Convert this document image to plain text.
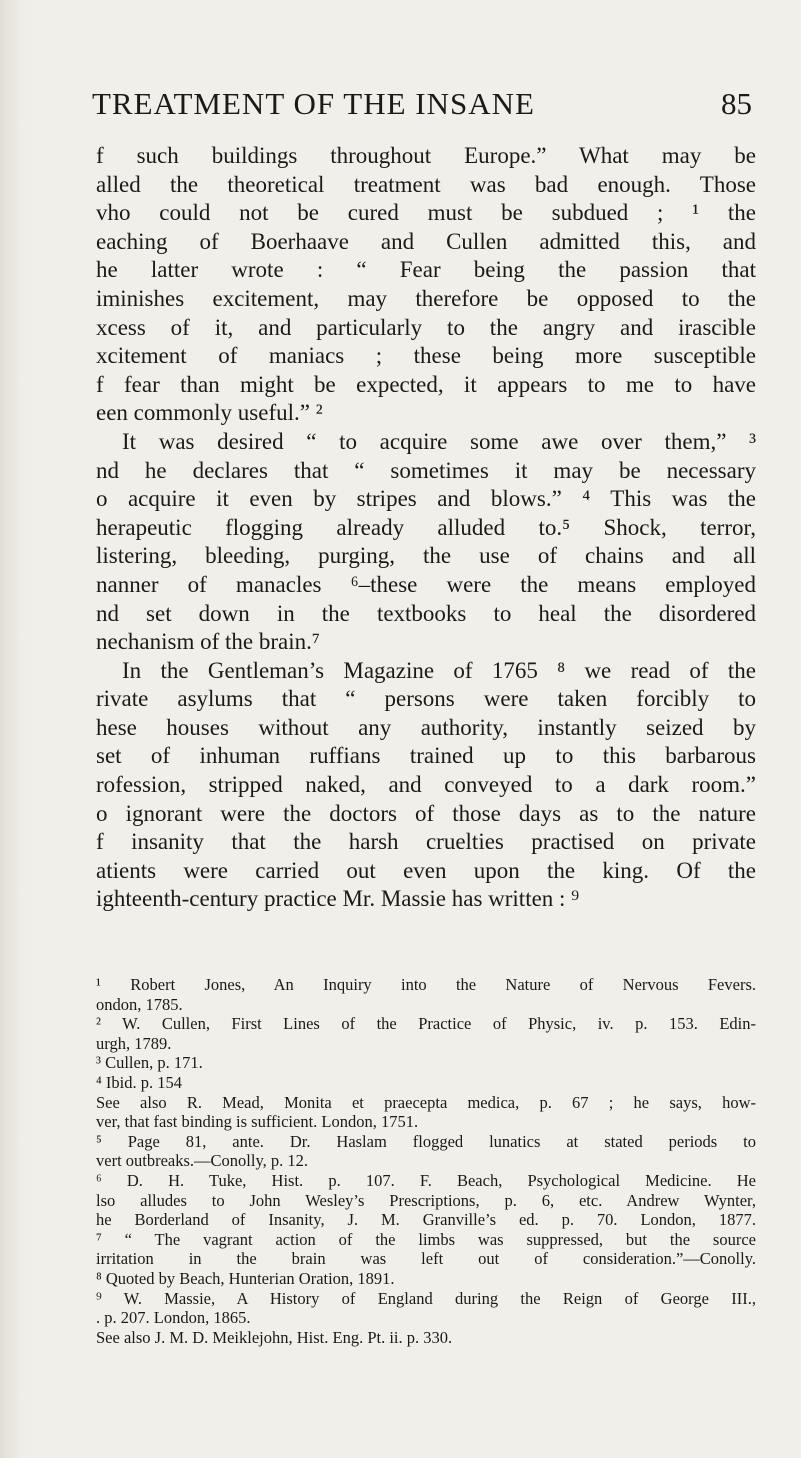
TREATMENT OF THE INSANE	85
f such buildings throughout Europe.” What may be
alled the theoretical treatment was bad enough. Those
vho could not be cured must be subdued ; ¹ the
eaching of Boerhaave and Cullen admitted this, and
he latter wrote : “ Fear being the passion that
iminishes excitement, may therefore be opposed to the
xcess of it, and particularly to the angry and irascible
xcitement of maniacs ; these being more susceptible
f fear than might be expected, it appears to me to have
een commonly useful.” ²
It was desired “ to acquire some awe over them,” ³
nd he declares that “ sometimes it may be necessary
o acquire it even by stripes and blows.” ⁴ This was the
herapeutic flogging already alluded to.⁵ Shock, terror,
listering, bleeding, purging, the use of chains and all
nanner of manacles ⁶–these were the means employed
nd set down in the textbooks to heal the disordered
nechanism of the brain.⁷
In the Gentleman’s Magazine of 1765 ⁸ we read of the
rivate asylums that “ persons were taken forcibly to
hese houses without any authority, instantly seized by
set of inhuman ruffians trained up to this barbarous
rofession, stripped naked, and conveyed to a dark room.”
o ignorant were the doctors of those days as to the nature
f insanity that the harsh cruelties practised on private
atients were carried out even upon the king. Of the
ighteenth-century practice Mr. Massie has written : ⁹
¹ Robert Jones, An Inquiry into the Nature of Nervous Fevers.
ondon, 1785.
² W. Cullen, First Lines of the Practice of Physic, iv. p. 153. Edin-
urgh, 1789.
³ Cullen, p. 171.
⁴ Ibid. p. 154
See also R. Mead, Monita et praecepta medica, p. 67 ; he says, how-
ver, that fast binding is sufficient. London, 1751.
⁵ Page 81, ante. Dr. Haslam flogged lunatics at stated periods to
vert outbreaks.—Conolly, p. 12.
⁶ D. H. Tuke, Hist. p. 107. F. Beach, Psychological Medicine. He
lso alludes to John Wesley’s Prescriptions, p. 6, etc. Andrew Wynter,
he Borderland of Insanity, J. M. Granville’s ed. p. 70. London, 1877.
⁷ “ The vagrant action of the limbs was suppressed, but the source
irritation in the brain was left out of consideration.”—Conolly.
⁸ Quoted by Beach, Hunterian Oration, 1891.
⁹ W. Massie, A History of England during the Reign of George III.,
. p. 207. London, 1865.
See also J. M. D. Meiklejohn, Hist. Eng. Pt. ii. p. 330.
